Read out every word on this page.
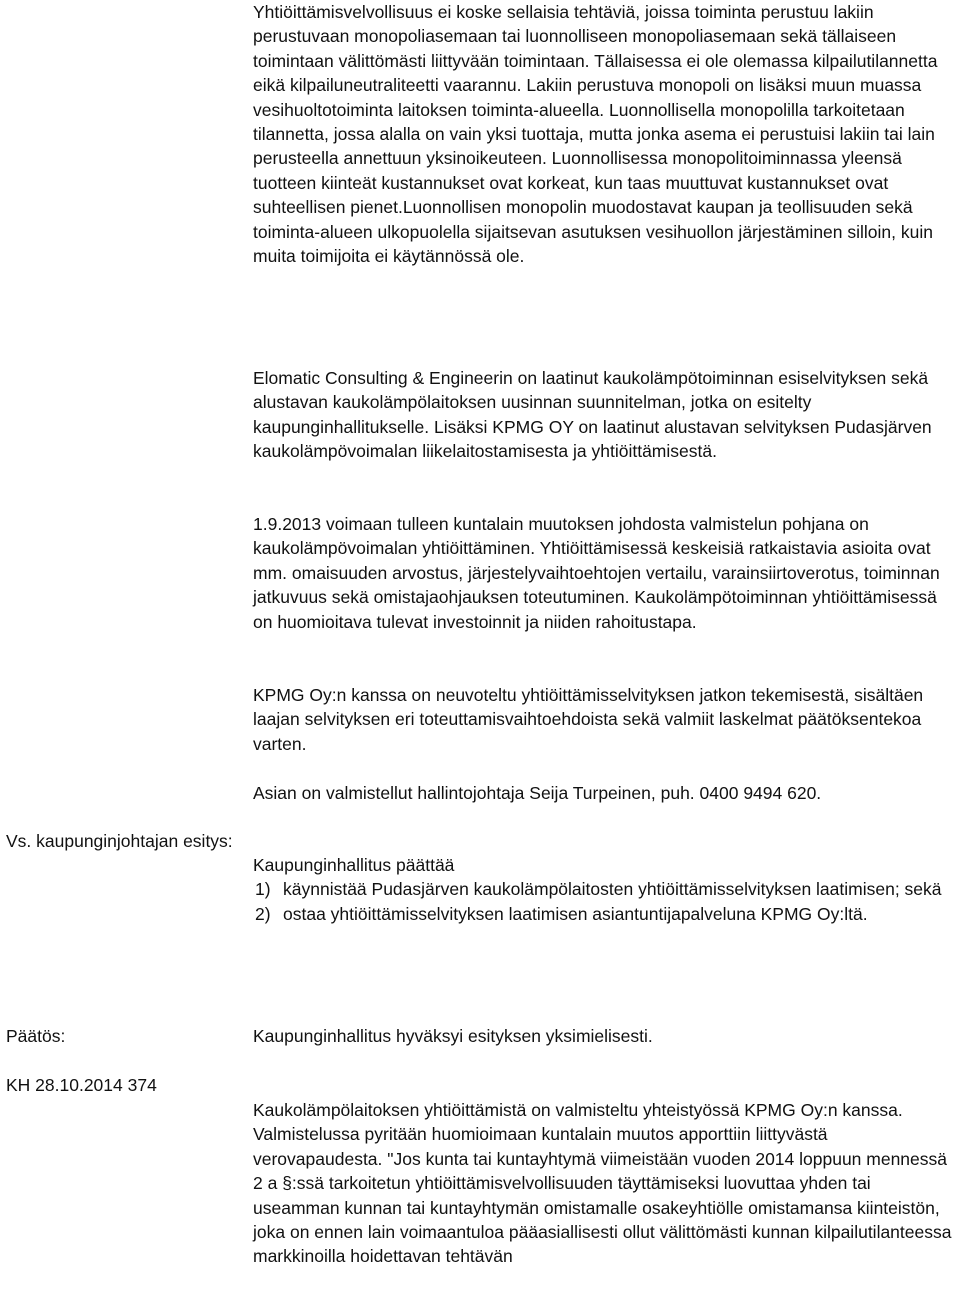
Yhtiöittämisvelvollisuus ei koske sellaisia tehtäviä, joissa toiminta perustuu lakiin perustuvaan monopoliasemaan tai luonnolliseen monopoliasemaan sekä tällaiseen toimintaan välittömästi liittyvään toimintaan. Tällaisessa ei ole olemassa kilpailutilannetta eikä kilpailuneutraliteetti vaarannu. Lakiin perustuva monopoli on lisäksi muun muassa vesihuoltotoiminta laitoksen toiminta-alueella. Luonnollisella monopolilla tarkoitetaan tilannetta, jossa alalla on vain yksi tuottaja, mutta jonka asema ei perustuisi lakiin tai lain perusteella annettuun yksinoikeuteen. Luonnollisessa monopolitoiminnassa yleensä tuotteen kiinteät kustannukset ovat korkeat, kun taas muuttuvat kustannukset ovat suhteellisen pienet.Luonnollisen monopolin muodostavat kaupan ja teollisuuden sekä toiminta-alueen ulkopuolella sijaitsevan asutuksen vesihuollon järjestäminen silloin, kuin muita toimijoita ei käytännössä ole.

Elomatic Consulting & Engineerin on laatinut kaukolämpötoiminnan esiselvityksen sekä alustavan kaukolämpölaitoksen uusinnan suunnitelman, jotka on esitelty kaupunginhallitukselle. Lisäksi KPMG OY on laatinut alustavan selvityksen Pudasjärven kaukolämpövoimalan liikelaitostamisesta ja yhtiöittämisestä.

1.9.2013 voimaan tulleen kuntalain muutoksen johdosta valmistelun pohjana on kaukolämpövoimalan yhtiöittäminen. Yhtiöittämisessä keskeisiä ratkaistavia asioita ovat mm. omaisuuden arvostus, järjestelyvaihtoehtojen vertailu, varainsiirtoverotus, toiminnan jatkuvuus sekä omistajaohjauksen toteutuminen. Kaukolämpötoiminnan yhtiöittämisessä on huomioitava tulevat investoinnit ja niiden rahoitustapa.

KPMG Oy:n kanssa on neuvoteltu yhtiöittämisselvityksen jatkon tekemisestä, sisältäen laajan selvityksen eri toteuttamisvaihtoehdoista sekä valmiit laskelmat päätöksentekoa varten.

Asian on valmistellut hallintojohtaja Seija Turpeinen, puh. 0400 9494 620.

Vs. kaupunginjohtajan esitys:

Kaupunginhallitus päättää

1) käynnistää Pudasjärven kaukolämpölaitosten yhtiöittämisselvityksen laatimisen; sekä
2) ostaa yhtiöittämisselvityksen laatimisen asiantuntijapalveluna KPMG Oy:ltä.

Päätös:	Kaupunginhallitus hyväksyi esityksen yksimielisesti.

KH 28.10.2014 374

Kaukolämpölaitoksen yhtiöittämistä on valmisteltu yhteistyössä KPMG Oy:n kanssa. Valmistelussa pyritään huomioimaan kuntalain muutos apporttiin liittyvästä verovapaudesta. "Jos kunta tai kuntayhtymä viimeistään vuoden 2014 loppuun mennessä 2 a §:ssä tarkoitetun yhtiöittämisvelvollisuuden täyttämiseksi luovuttaa yhden tai useamman kunnan tai kuntayhtymän omistamalle osakeyhtiölle omistamansa kiinteistön, joka on ennen lain voimaantuloa pääasiallisesti ollut välittömästi kunnan kilpailutilanteessa markkinoilla hoidettavan tehtävän
